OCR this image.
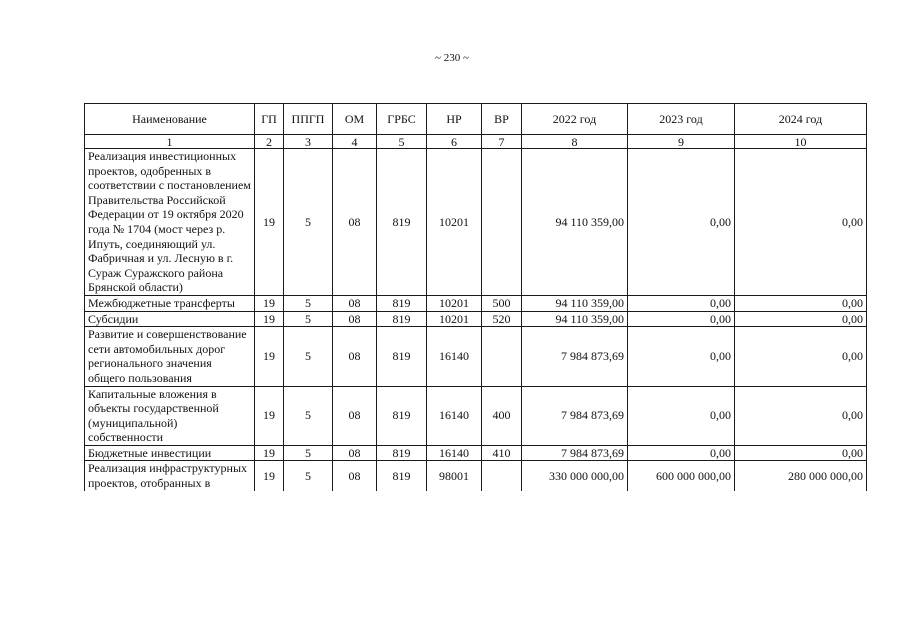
~ 230 ~
Наименование	ГП	ППГП	ОМ	ГРБС	НР	ВР	2022 год	2023 год	2024 год
1	2	3	4	5	6	7	8	9	10
Реализация инвестиционных проектов, одобренных в соответствии с постановлением Правительства Российской Федерации от 19 октября 2020 года № 1704 (мост через р. Ипуть, соединяющий ул. Фабричная и ул. Лесную в г. Сураж Суражского района Брянской области)	19	5	08	819	10201		94 110 359,00	0,00	0,00
Межбюджетные трансферты	19	5	08	819	10201	500	94 110 359,00	0,00	0,00
Субсидии	19	5	08	819	10201	520	94 110 359,00	0,00	0,00
Развитие и совершенствование сети автомобильных дорог регионального значения общего пользования	19	5	08	819	16140		7 984 873,69	0,00	0,00
Капитальные вложения в объекты государственной (муниципальной) собственности	19	5	08	819	16140	400	7 984 873,69	0,00	0,00
Бюджетные инвестиции	19	5	08	819	16140	410	7 984 873,69	0,00	0,00
Реализация инфраструктурных проектов, отобранных в	19	5	08	819	98001		330 000 000,00	600 000 000,00	280 000 000,00
